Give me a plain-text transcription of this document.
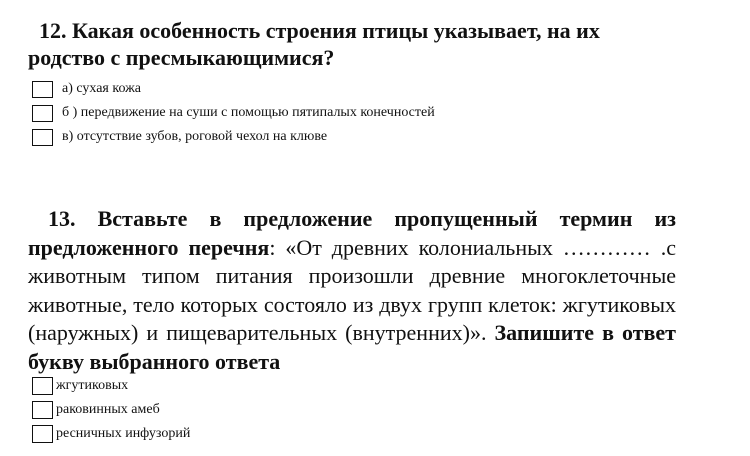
12. Какая особенность строения птицы указывает, на их
родство с пресмыкающимися?
а) сухая кожа
б ) передвижение на суши с помощью пятипалых конечностей
в) отсутствие зубов, роговой чехол на клюве
13. Вставьте в предложение пропущенный термин из предложенного перечня: «От древних колониальных ………… .с животным типом питания произошли древние многоклеточные животные, тело которых состояло из двух групп клеток: жгутиковых (наружных) и пищеварительных (внутренних)». Запишите в ответ букву выбранного ответа
жгутиковых
раковинных амеб
ресничных инфузорий
